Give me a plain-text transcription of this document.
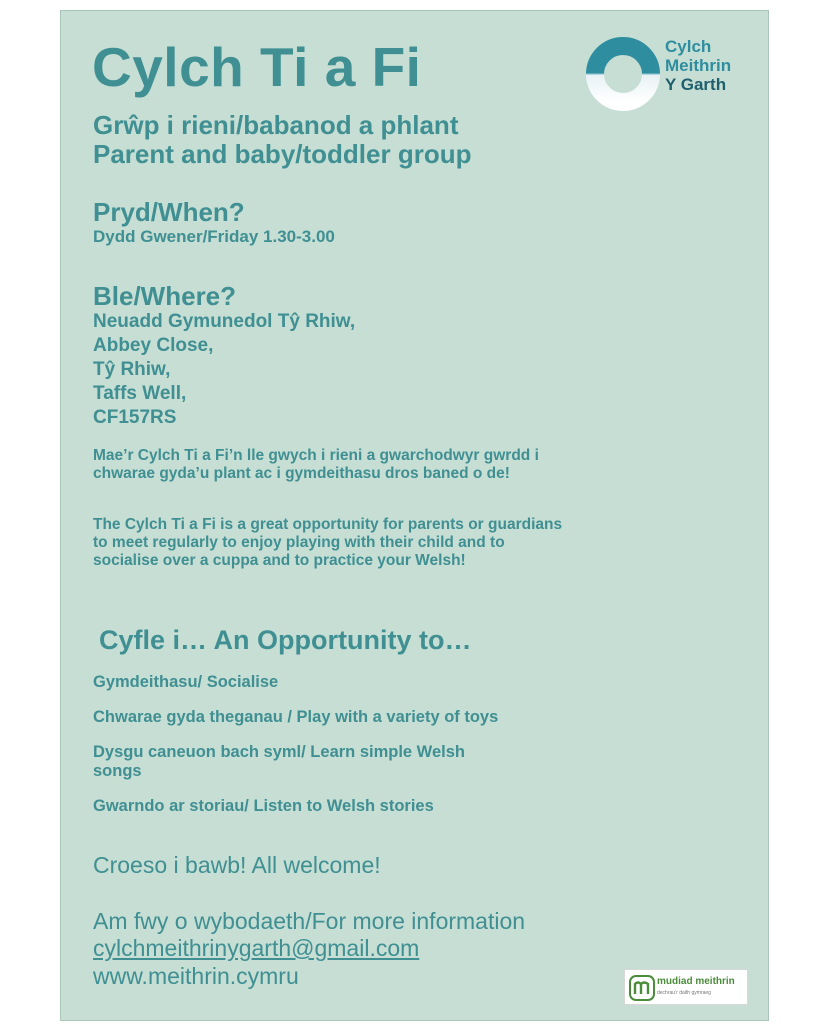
Cylch Ti a Fi	Cylch
Meithrin
Y Garth
Grŵp i rieni/babanod a phlant
Parent and baby/toddler group
Pryd/When?
Dydd Gwener/Friday 1.30-3.00
Ble/Where?
Neuadd Gymunedol Tŷ Rhiw,
Abbey Close,
Tŷ Rhiw,
Taffs Well,
CF157RS
Mae’r Cylch Ti a Fi’n lle gwych i rieni a gwarchodwyr gwrdd i chwarae gyda’u plant ac i gymdeithasu dros baned o de!
The Cylch Ti a Fi is a great opportunity for parents or guardians to meet regularly to enjoy playing with their child and to socialise over a cuppa and to practice your Welsh!
Cyfle i… An Opportunity to…
Gymdeithasu/ Socialise
Chwarae gyda theganau / Play with a variety of toys
Dysgu caneuon bach syml/ Learn simple Welsh
songs
Gwarndo ar storiau/ Listen to Welsh stories
Croeso i bawb! All welcome!
Am fwy o wybodaeth/For more information
cylchmeithrinygarth@gmail.com
www.meithrin.cymru	mudiad meithrin
dechrau’r daith gymraeg
